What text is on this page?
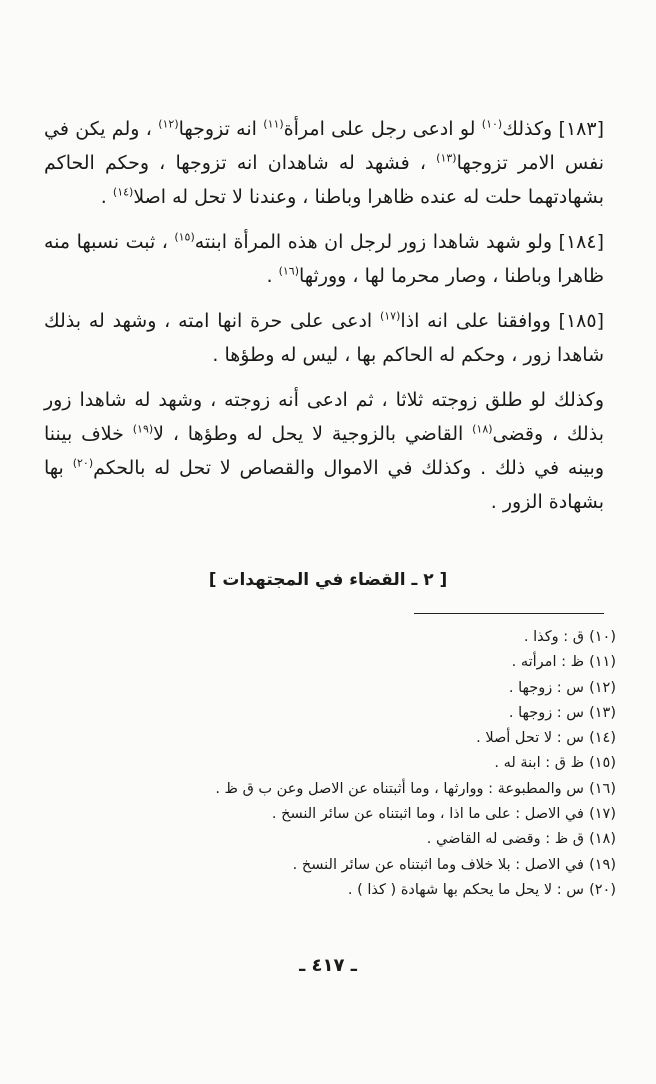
[١٨٣] وكذلك$^{(١٠)}$ لو ادعى رجل على امرأة$^{(١١)}$ انه تزوجها$^{(١٢)}$ ، ولم يكن في نفس الامر تزوجها$^{(١٣)}$ ، فشهد له شاهدان انه تزوجها ، وحكم الحاكم بشهادتهما حلت له عنده ظاهرا وباطنا ، وعندنا لا تحل له اصلا$^{(١٤)}$ .

[١٨٤] ولو شهد شاهدا زور لرجل ان هذه المرأة ابنته$^{(١٥)}$ ، ثبت نسبها منه ظاهرا وباطنا ، وصار محرما لها ، وورثها$^{(١٦)}$ .

[١٨٥] ووافقنا على انه اذا$^{(١٧)}$ ادعى على حرة انها امته ، وشهد له بذلك شاهدا زور ، وحكم له الحاكم بها ، ليس له وطؤها .

وكذلك لو طلق زوجته ثلاثا ، ثم ادعى أنه زوجته ، وشهد له شاهدا زور بذلك ، وقضى$^{(١٨)}$ القاضي بالزوجية لا يحل له وطؤها ، لا$^{(١٩)}$ خلاف بيننا وبينه في ذلك . وكذلك في الاموال والقصاص لا تحل له بالحكم$^{(٢٠)}$ بها بشهادة الزور .

[ ٢ ـ القضاء في المجتهدات ]
(١٠)ق : وكذا .
(١١)ظ : امرأته .
(١٢)س : زوجها .
(١٣)س : زوجها .
(١٤)س : لا تحل أصلا .
(١٥)ظ ق : ابنة له .
(١٦)س والمطبوعة : ووارثها ، وما أثبتناه عن الاصل وعن ب ق ظ .
(١٧)في الاصل : على ما اذا ، وما اثبتناه عن سائر النسخ .
(١٨)ق ظ : وقضى له القاضي .
(١٩)في الاصل : بلا خلاف وما اثبتناه عن سائر النسخ .
(٢٠)س : لا يحل ما يحكم بها شهادة ( كذا ) .
ـ ٤١٧ ـ
